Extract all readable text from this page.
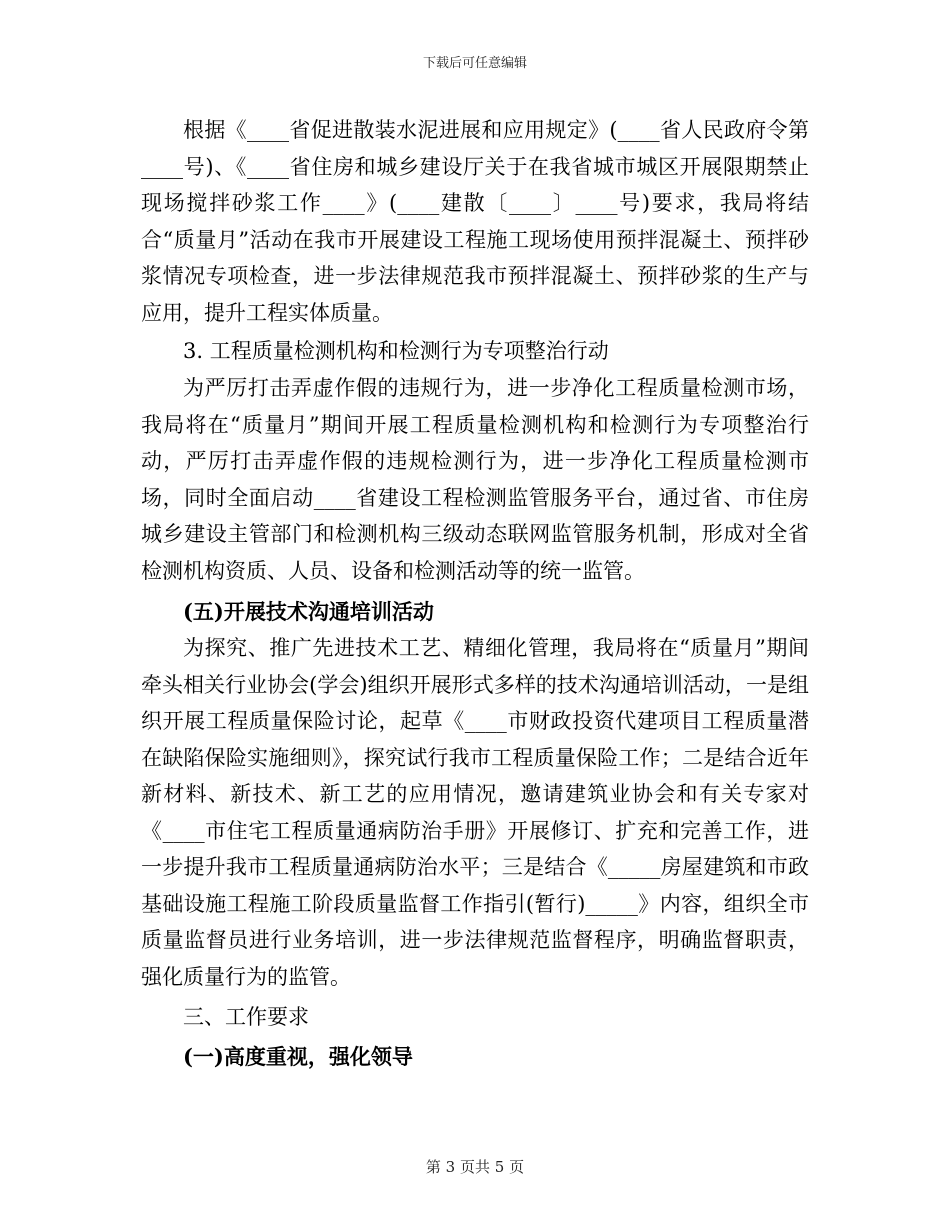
下载后可任意编辑

根据《____省促进散装水泥进展和应用规定》(____省人民政府令第____号)、《____省住房和城乡建设厅关于在我省城市城区开展限期禁止现场搅拌砂浆工作____》(____建散〔____〕____号)要求，我局将结合“质量月”活动在我市开展建设工程施工现场使用预拌混凝土、预拌砂浆情况专项检查，进一步法律规范我市预拌混凝土、预拌砂浆的生产与应用，提升工程实体质量。

3. 工程质量检测机构和检测行为专项整治行动

为严厉打击弄虚作假的违规行为，进一步净化工程质量检测市场，我局将在“质量月”期间开展工程质量检测机构和检测行为专项整治行动，严厉打击弄虚作假的违规检测行为，进一步净化工程质量检测市场，同时全面启动____省建设工程检测监管服务平台，通过省、市住房城乡建设主管部门和检测机构三级动态联网监管服务机制，形成对全省检测机构资质、人员、设备和检测活动等的统一监管。

(五)开展技术沟通培训活动

为探究、推广先进技术工艺、精细化管理，我局将在“质量月”期间牵头相关行业协会(学会)组织开展形式多样的技术沟通培训活动，一是组织开展工程质量保险讨论，起草《____市财政投资代建项目工程质量潜在缺陷保险实施细则》，探究试行我市工程质量保险工作；二是结合近年新材料、新技术、新工艺的应用情况，邀请建筑业协会和有关专家对《____市住宅工程质量通病防治手册》开展修订、扩充和完善工作，进一步提升我市工程质量通病防治水平；三是结合《_____房屋建筑和市政基础设施工程施工阶段质量监督工作指引(暂行)_____》内容，组织全市质量监督员进行业务培训，进一步法律规范监督程序，明确监督职责，强化质量行为的监管。

三、工作要求

(一)高度重视，强化领导

第 3 页共 5 页
